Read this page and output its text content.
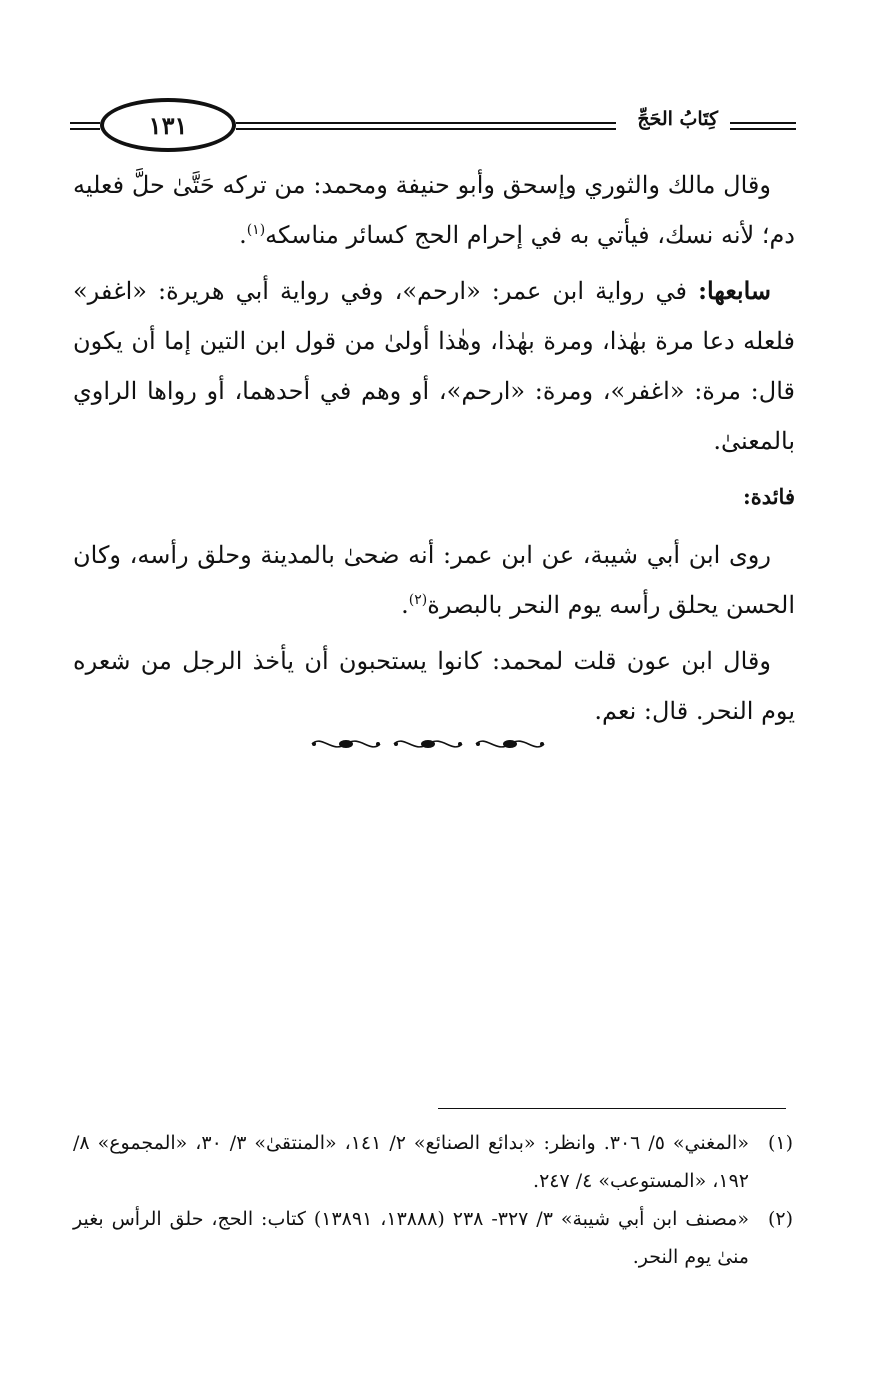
١٣١	كِتَابُ الحَجِّ

وقال مالك والثوري وإسحق وأبو حنيفة ومحمد: من تركه حَتَّىٰ حلَّ فعليه دم؛ لأنه نسك، فيأتي به في إحرام الحج كسائر مناسكه$^{(١)}$.

سابعها: في رواية ابن عمر: «ارحم»، وفي رواية أبي هريرة: «اغفر» فلعله دعا مرة بهٰذا، ومرة بهٰذا، وهٰذا أولىٰ من قول ابن التين إما أن يكون قال: مرة: «اغفر»، ومرة: «ارحم»، أو وهم في أحدهما، أو رواها الراوي بالمعنىٰ.

فائدة:

روى ابن أبي شيبة، عن ابن عمر: أنه ضحىٰ بالمدينة وحلق رأسه، وكان الحسن يحلق رأسه يوم النحر بالبصرة$^{(٢)}$.

وقال ابن عون قلت لمحمد: كانوا يستحبون أن يأخذ الرجل من شعره يوم النحر. قال: نعم.

(١)
«المغني» ٥/ ٣٠٦. وانظر: «بدائع الصنائع» ٢/ ١٤١، «المنتقىٰ» ٣/ ٣٠، «المجموع» ٨/ ١٩٢، «المستوعب» ٤/ ٢٤٧.
(٢)
«مصنف ابن أبي شيبة» ٣/ ٣٢٧- ٢٣٨ (١٣٨٨٨، ١٣٨٩١) كتاب: الحج، حلق الرأس بغير منىٰ يوم النحر.
